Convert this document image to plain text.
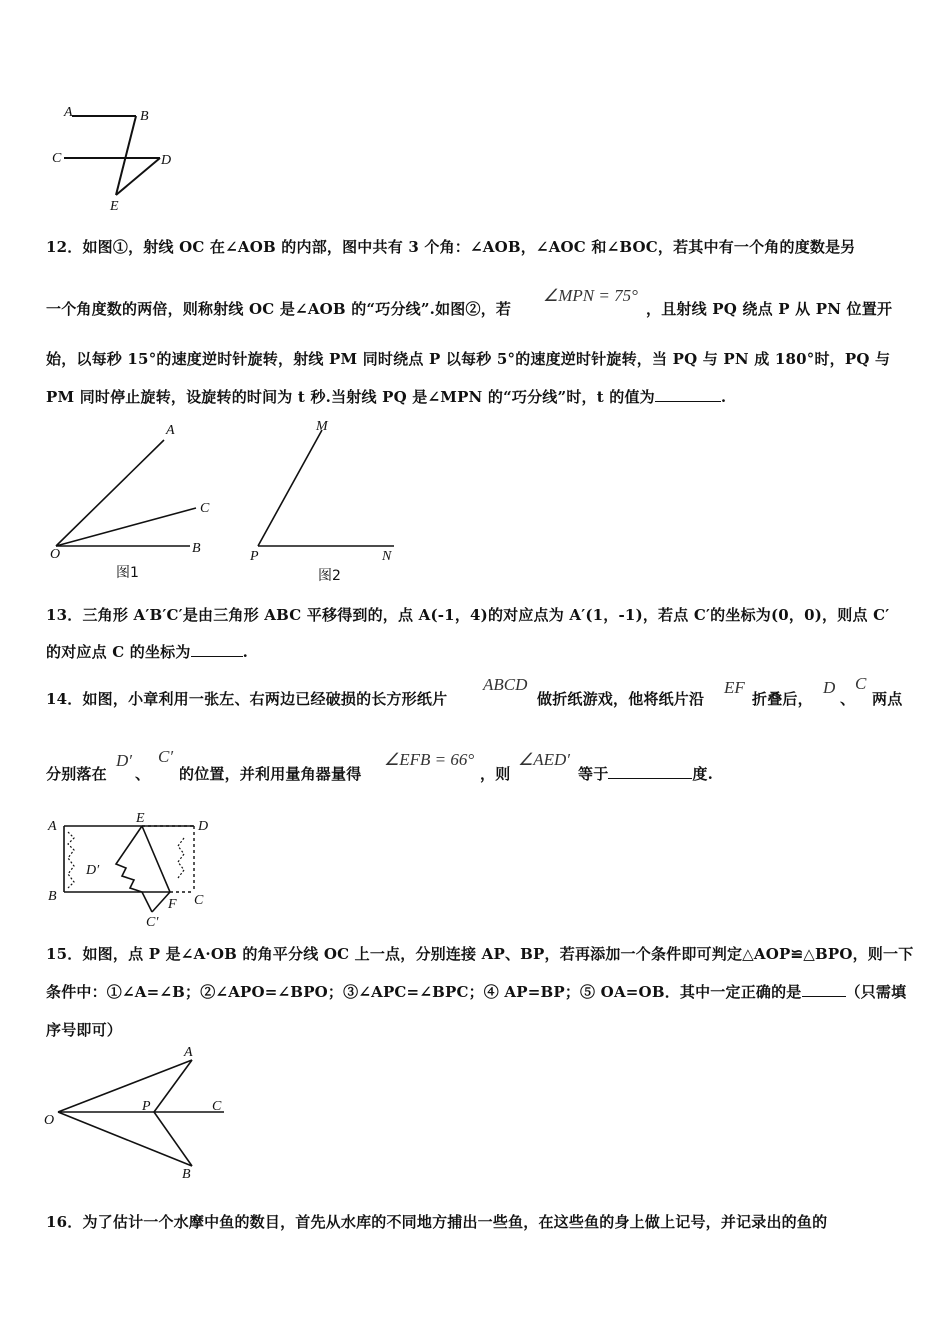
A	B
C	D
E
12．如图①，射线 OC 在∠AOB 的内部，图中共有 3 个角：∠AOB，∠AOC 和∠BOC，若其中有一个角的度数是另
一个角度数的两倍，则称射线 OC 是∠AOB 的“巧分线”.如图②，若
∠MPN = 75°
，且射线 PQ 绕点 P 从 PN 位置开
始，以每秒 15°的速度逆时针旋转，射线 PM 同时绕点 P 以每秒 5°的速度逆时针旋转，当 PQ 与 PN 成 180°时，PQ 与
PM 同时停止旋转，设旋转的时间为 t 秒.当射线 PQ 是∠MPN 的“巧分线”时，t 的值为	.
A
C
O	B
图1
M
P	N
图2
13．三角形 A′B′C′是由三角形 ABC 平移得到的，点 A(-1，4)的对应点为 A′(1，-1)，若点 C′的坐标为(0，0)，则点 C′
的对应点 C 的坐标为	.
14．如图，小章利用一张左、右两边已经破损的长方形纸片
ABCD
做折纸游戏，他将纸片沿
EF
折叠后，
D
、
C
两点
分别落在
D′
、
C′
的位置，并利用量角器量得
∠EFB = 66°
，则
∠AED′
等于	度.
A
E
D
D′
B
F C
C′
15．如图，点 P 是∠A·OB 的角平分线 OC 上一点，分别连接 AP、BP，若再添加一个条件即可判定△AOP≌△BPO，则一下
条件中：①∠A=∠B；②∠APO=∠BPO；③∠APC=∠BPC；④ AP=BP；⑤ OA=OB．其中一定正确的是	（只需填
序号即可）
A
O
P	C
B
16．为了估计一个水摩中鱼的数目，首先从水库的不同地方捕出一些鱼，在这些鱼的身上做上记号，并记录出的鱼的
